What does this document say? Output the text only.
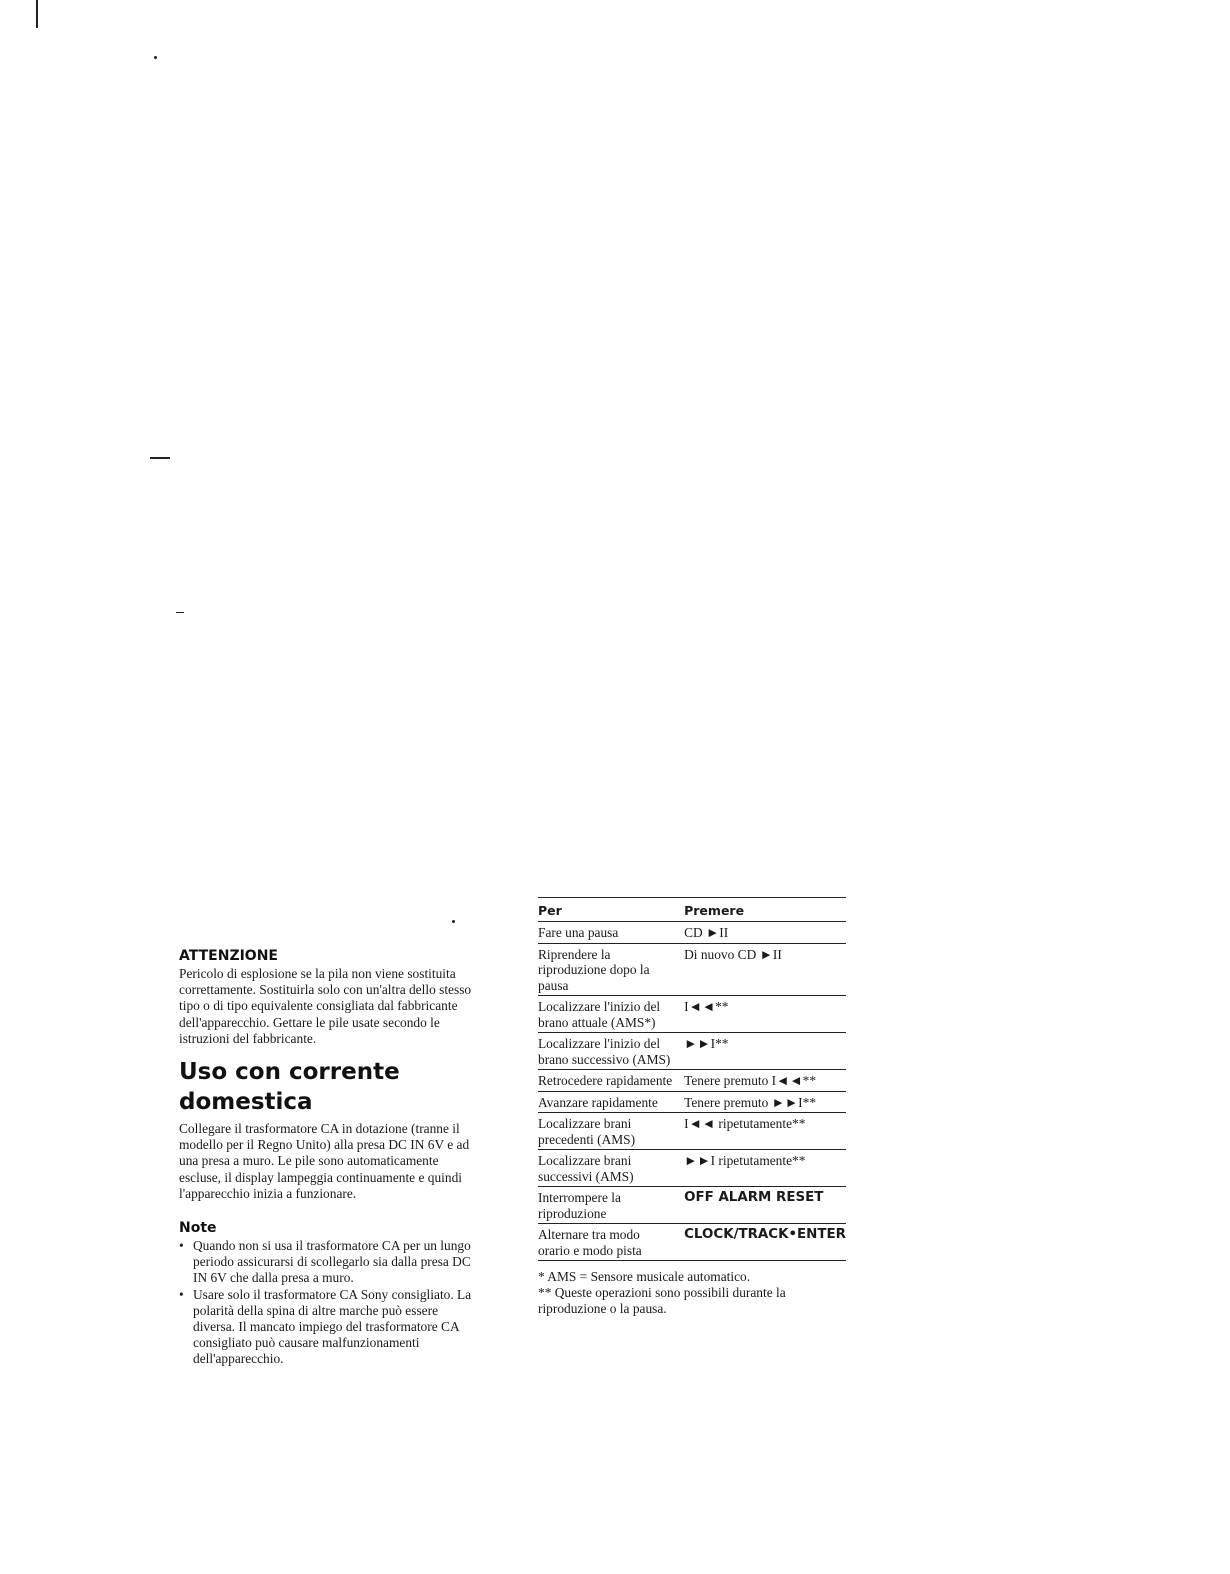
ATTENZIONE

Pericolo di esplosione se la pila non viene sostituita correttamente. Sostituirla solo con un'altra dello stesso tipo o di tipo equivalente consigliata dal fabbricante dell'apparecchio. Gettare le pile usate secondo le istruzioni del fabbricante.

Uso con corrente domestica

Collegare il trasformatore CA in dotazione (tranne il modello per il Regno Unito) alla presa DC IN 6V e ad una presa a muro. Le pile sono automaticamente escluse, il display lampeggia continuamente e quindi l'apparecchio inizia a funzionare.

Note
• Quando non si usa il trasformatore CA per un lungo periodo assicurarsi di scollegarlo sia dalla presa DC IN 6V che dalla presa a muro.
• Usare solo il trasformatore CA Sony consigliato. La polarità della spina di altre marche può essere diversa. Il mancato impiego del trasformatore CA consigliato può causare malfunzionamenti dell'apparecchio.
Per	Premere
Fare una pausa	CD ►II
Riprendere la riproduzione dopo la pausa	Di nuovo CD ►II
Localizzare l'inizio del brano attuale (AMS*)	I◄◄**
Localizzare l'inizio del brano successivo (AMS)	►►I**
Retrocedere rapidamente	Tenere premuto I◄◄**
Avanzare rapidamente	Tenere premuto ►►I**
Localizzare brani precedenti (AMS)	I◄◄ ripetutamente**
Localizzare brani successivi (AMS)	►►I ripetutamente**
Interrompere la riproduzione	OFF ALARM RESET
Alternare tra modo orario e modo pista	CLOCK/TRACK•ENTER

* AMS = Sensore musicale automatico.

** Queste operazioni sono possibili durante la riproduzione o la pausa.
